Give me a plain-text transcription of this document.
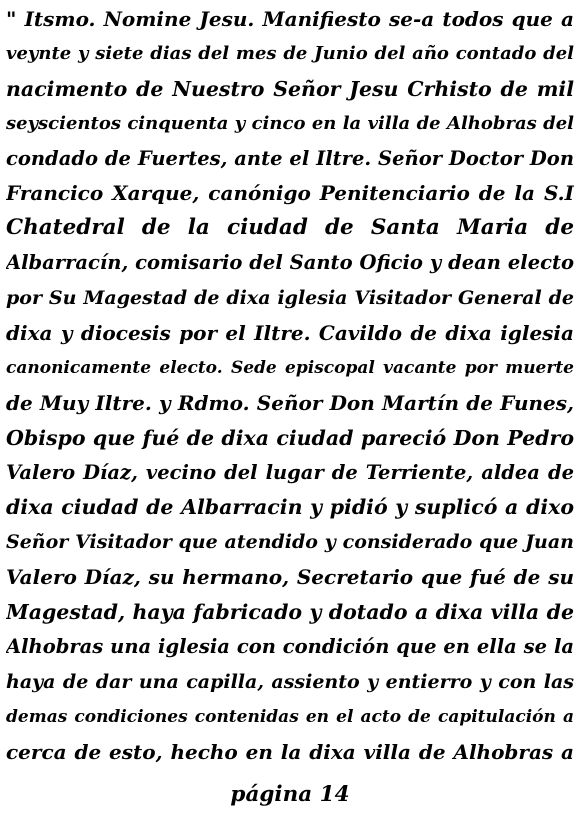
" Itsmo. Nomine Jesu. Manifiesto se-a todos que a
veynte y siete dias del mes de Junio del año contado del
nacimento de Nuestro Señor Jesu Crhisto de mil
seyscientos cinquenta y cinco en la villa de Alhobras del
condado de Fuertes, ante el Iltre. Señor Doctor Don
Francico Xarque, canónigo Penitenciario de la S.I
Chatedral de la ciudad de Santa Maria de
Albarracín, comisario del Santo Oficio y dean electo
por Su Magestad de dixa iglesia Visitador General de
dixa y diocesis por el Iltre. Cavildo de dixa iglesia
canonicamente electo. Sede episcopal vacante por muerte
de Muy Iltre. y Rdmo. Señor Don Martín de Funes,
Obispo que fué de dixa ciudad pareció Don Pedro
Valero Díaz, vecino del lugar de Terriente, aldea de
dixa ciudad de Albarracin y pidió y suplicó a dixo
Señor Visitador que atendido y considerado que Juan
Valero Díaz, su hermano, Secretario que fué de su
Magestad, haya fabricado y dotado a dixa villa de
Alhobras una iglesia con condición que en ella se la
haya de dar una capilla, assiento y entierro y con las
demas condiciones contenidas en el acto de capitulación a
cerca de esto, hecho en la dixa villa de Alhobras a
página 14
